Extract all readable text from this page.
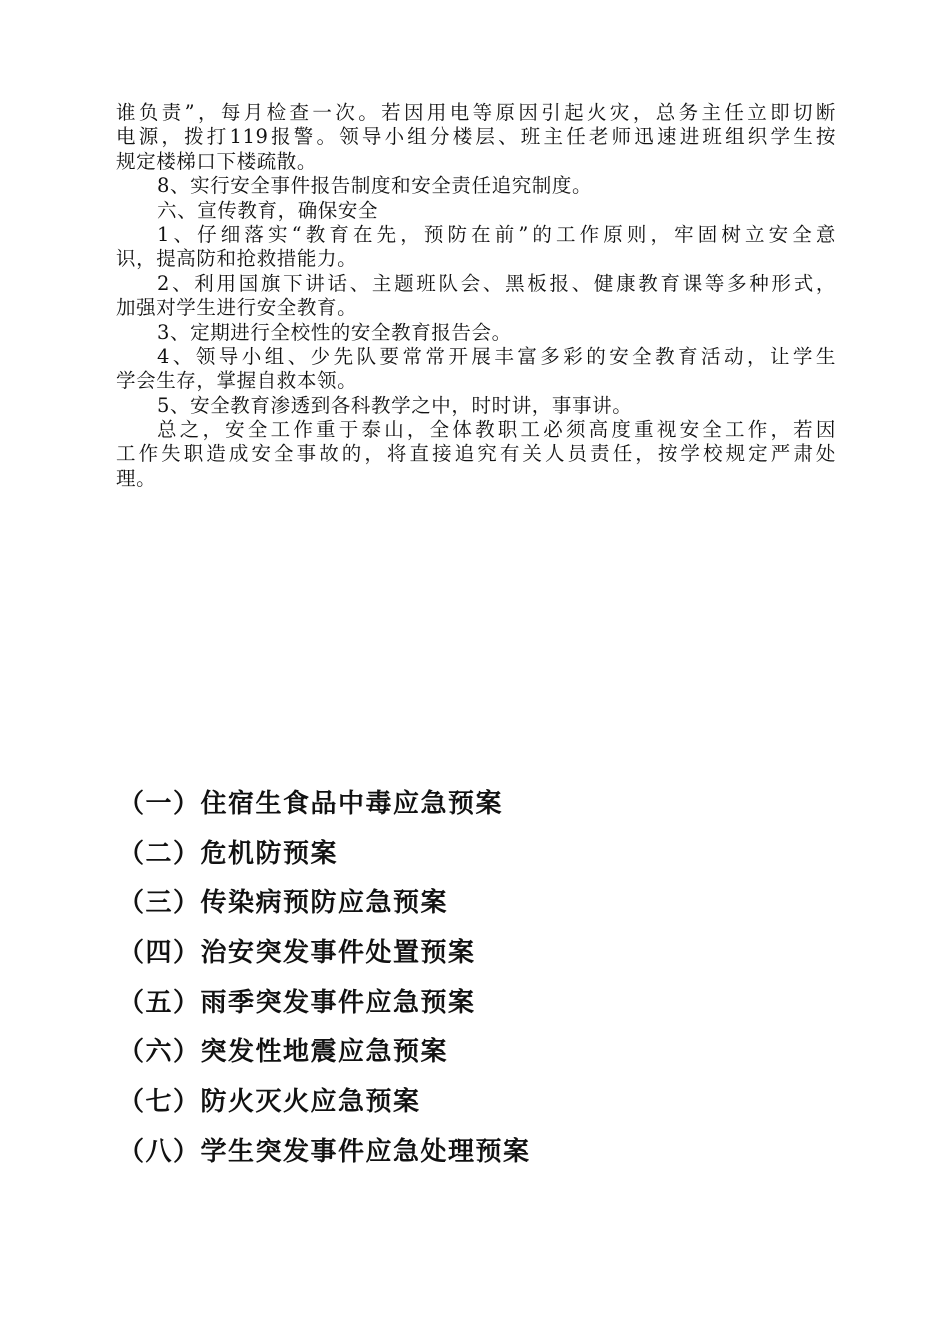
谁负责”，每月检查一次。若因用电等原因引起火灾，总务主任立即切断
电源，拨打119报警。领导小组分楼层、班主任老师迅速进班组织学生按
规定楼梯口下楼疏散。
8、实行安全事件报告制度和安全责任追究制度。
六、宣传教育，确保安全
1、仔细落实“教育在先，预防在前”的工作原则，牢固树立安全意
识，提高防和抢救措能力。
2、利用国旗下讲话、主题班队会、黑板报、健康教育课等多种形式，
加强对学生进行安全教育。
3、定期进行全校性的安全教育报告会。
4、领导小组、少先队要常常开展丰富多彩的安全教育活动，让学生
学会生存，掌握自救本领。
5、安全教育渗透到各科教学之中，时时讲，事事讲。
总之，安全工作重于泰山，全体教职工必须高度重视安全工作，若因
工作失职造成安全事故的，将直接追究有关人员责任，按学校规定严肃处
理。
（一）住宿生食品中毒应急预案
（二）危机防预案
（三）传染病预防应急预案
（四）治安突发事件处置预案
（五）雨季突发事件应急预案
（六）突发性地震应急预案
（七）防火灭火应急预案
（八）学生突发事件应急处理预案
